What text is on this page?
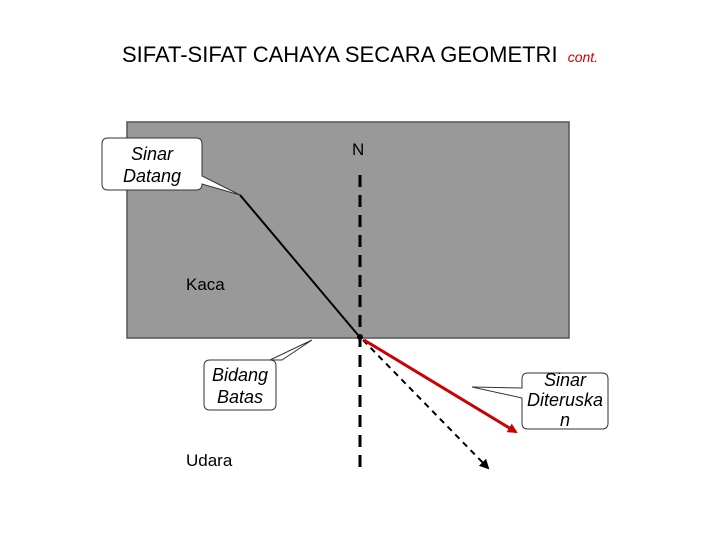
SIFAT-SIFAT CAHAYA SECARA GEOMETRI cont.
N
Kaca
Udara
Sinar
Datang
Bidang
Batas
Sinar
Diteruska
n
